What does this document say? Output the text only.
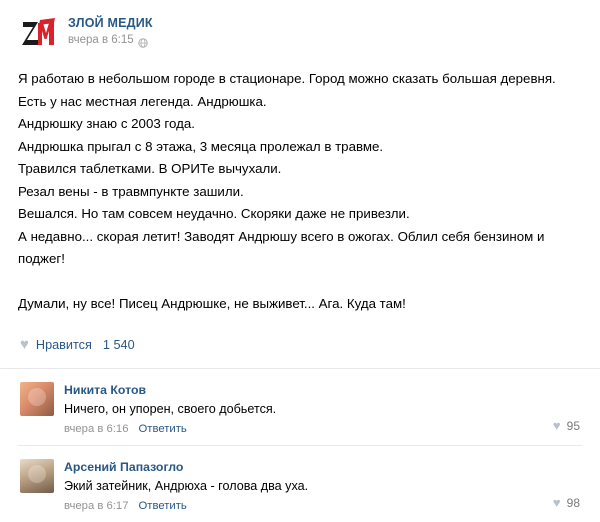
ЗЛОЙ МЕДИК
вчера в 6:15

Я работаю в небольшом городе в стационаре. Город можно сказать большая деревня. Есть у нас местная легенда. Андрюшка.

Андрюшку знаю с 2003 года.

Андрюшка прыгал с 8 этажа, 3 месяца пролежал в травме.

Травился таблетками. В ОРИТе вычухали.

Резал вены - в травмпункте зашили.

Вешался. Но там совсем неудачно. Скоряки даже не привезли.

А недавно... скорая летит! Заводят Андрюшу всего в ожогах. Облил себя бензином и поджег!

Думали, ну все! Писец Андрюшке, не выживет... Ага. Куда там!

♥ Нравится 1 540
Никита Котов
Ничего, он упорен, своего добьется.
вчера в 6:16 Ответить	♥ 95
Арсений Папазогло
Экий затейник, Андрюха - голова два уха.
вчера в 6:17 Ответить	♥ 98
